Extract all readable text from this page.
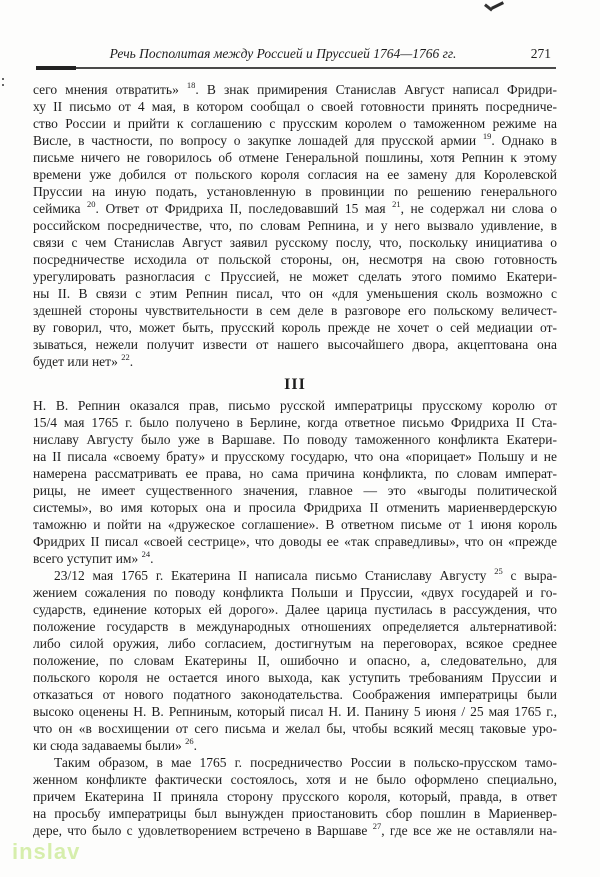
Речь Посполитая между Россией и Пруссией 1764—1766 гг.	271
сего мнения отвратить» $^{18}$. В знак примирения Станислав Август написал Фридри-
ху II письмо от 4 мая, в котором сообщал о своей готовности принять посредниче-
ство России и прийти к соглашению с прусским королем о таможенном режиме на
Висле, в частности, по вопросу о закупке лошадей для прусской армии $^{19}$. Однако в
письме ничего не говорилось об отмене Генеральной пошлины, хотя Репнин к этому
времени уже добился от польского короля согласия на ее замену для Королевской
Пруссии на иную подать, установленную в провинции по решению генерального
сеймика $^{20}$. Ответ от Фридриха II, последовавший 15 мая $^{21}$, не содержал ни слова о
российском посредничестве, что, по словам Репнина, и у него вызвало удивление, в
связи с чем Станислав Август заявил русскому послу, что, поскольку инициатива о
посредничестве исходила от польской стороны, он, несмотря на свою готовность
урегулировать разногласия с Пруссией, не может сделать этого помимо Екатери-
ны II. В связи с этим Репнин писал, что он «для уменьшения сколь возможно с
здешней стороны чувствительности в сем деле в разговоре его польскому величест-
ву говорил, что, может быть, прусский король прежде не хочет о сей медиации от-
зываться, нежели получит извести от нашего высочайшего двора, акцептована она
будет или нет» $^{22}$.
III
Н. В. Репнин оказался прав, письмо русской императрицы прусскому королю от
15/4 мая 1765 г. было получено в Берлине, когда ответное письмо Фридриха II Ста-
ниславу Августу было уже в Варшаве. По поводу таможенного конфликта Екатери-
на II писала «своему брату» и прусскому государю, что она «порицает» Польшу и не
намерена рассматривать ее права, но сама причина конфликта, по словам императ-
рицы, не имеет существенного значения, главное — это «выгоды политической
системы», во имя которых она и просила Фридриха II отменить мариенвердерскую
таможню и пойти на «дружеское соглашение». В ответном письме от 1 июня король
Фридрих II писал «своей сестрице», что доводы ее «так справедливы», что он «прежде
всего уступит им» $^{24}$.
23/12 мая 1765 г. Екатерина II написала письмо Станиславу Августу $^{25}$ с выра-
жением сожаления по поводу конфликта Польши и Пруссии, «двух государей и го-
сударств, единение которых ей дорого». Далее царица пустилась в рассуждения, что
положение государств в международных отношениях определяется альтернативой:
либо силой оружия, либо согласием, достигнутым на переговорах, всякое среднее
положение, по словам Екатерины II, ошибочно и опасно, а, следовательно, для
польского короля не остается иного выхода, как уступить требованиям Пруссии и
отказаться от нового податного законодательства. Соображения императрицы были
высоко оценены Н. В. Репниным, который писал Н. И. Панину 5 июня / 25 мая 1765 г.,
что он «в восхищении от сего письма и желал бы, чтобы всякий месяц таковые уро-
ки сюда задаваемы были» $^{26}$.
Таким образом, в мае 1765 г. посредничество России в польско-прусском тамо-
женном конфликте фактически состоялось, хотя и не было оформлено специально,
причем Екатерина II приняла сторону прусского короля, который, правда, в ответ
на просьбу императрицы был вынужден приостановить сбор пошлин в Мариенвер-
дере, что было с удовлетворением встречено в Варшаве $^{27}$, где все же не оставляли на-
inslav
